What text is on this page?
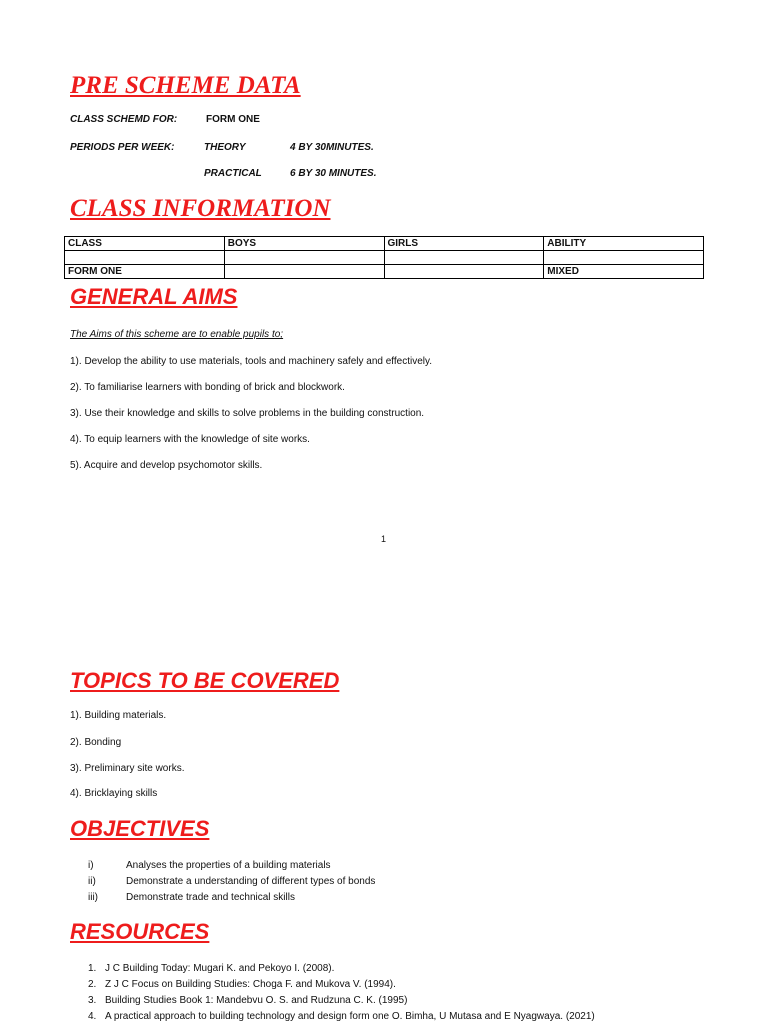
PRE SCHEME DATA
CLASS SCHEMD FOR:	FORM ONE
PERIODS PER WEEK:	THEORY	4 BY 30MINUTES.
PRACTICAL	6 BY 30 MINUTES.
CLASS INFORMATION
CLASS	BOYS	GIRLS	ABILITY

FORM ONE			MIXED
GENERAL AIMS
The Aims of this scheme are to enable pupils to;
1). Develop the ability to use materials, tools and machinery safely and effectively.
2). To familiarise learners with bonding of brick and blockwork.
3). Use their knowledge and skills to solve problems in the building construction.
4). To equip learners with the knowledge of site works.
5). Acquire and develop psychomotor skills.
1
TOPICS TO BE COVERED
1). Building materials.
2). Bonding
3). Preliminary site works.
4). Bricklaying skills
OBJECTIVES
i)	Analyses the properties of a building materials
ii)	Demonstrate a understanding of different types of bonds
iii)	Demonstrate trade and technical skills
RESOURCES
1. J C Building Today: Mugari K. and Pekoyo I. (2008).
2. Z J C Focus on Building Studies: Choga F. and Mukova V. (1994).
3. Building Studies Book 1: Mandebvu O. S. and Rudzuna C. K. (1995)
4. A practical approach to building technology and design form one O. Bimha, U Mutasa and E Nyagwaya. (2021)
